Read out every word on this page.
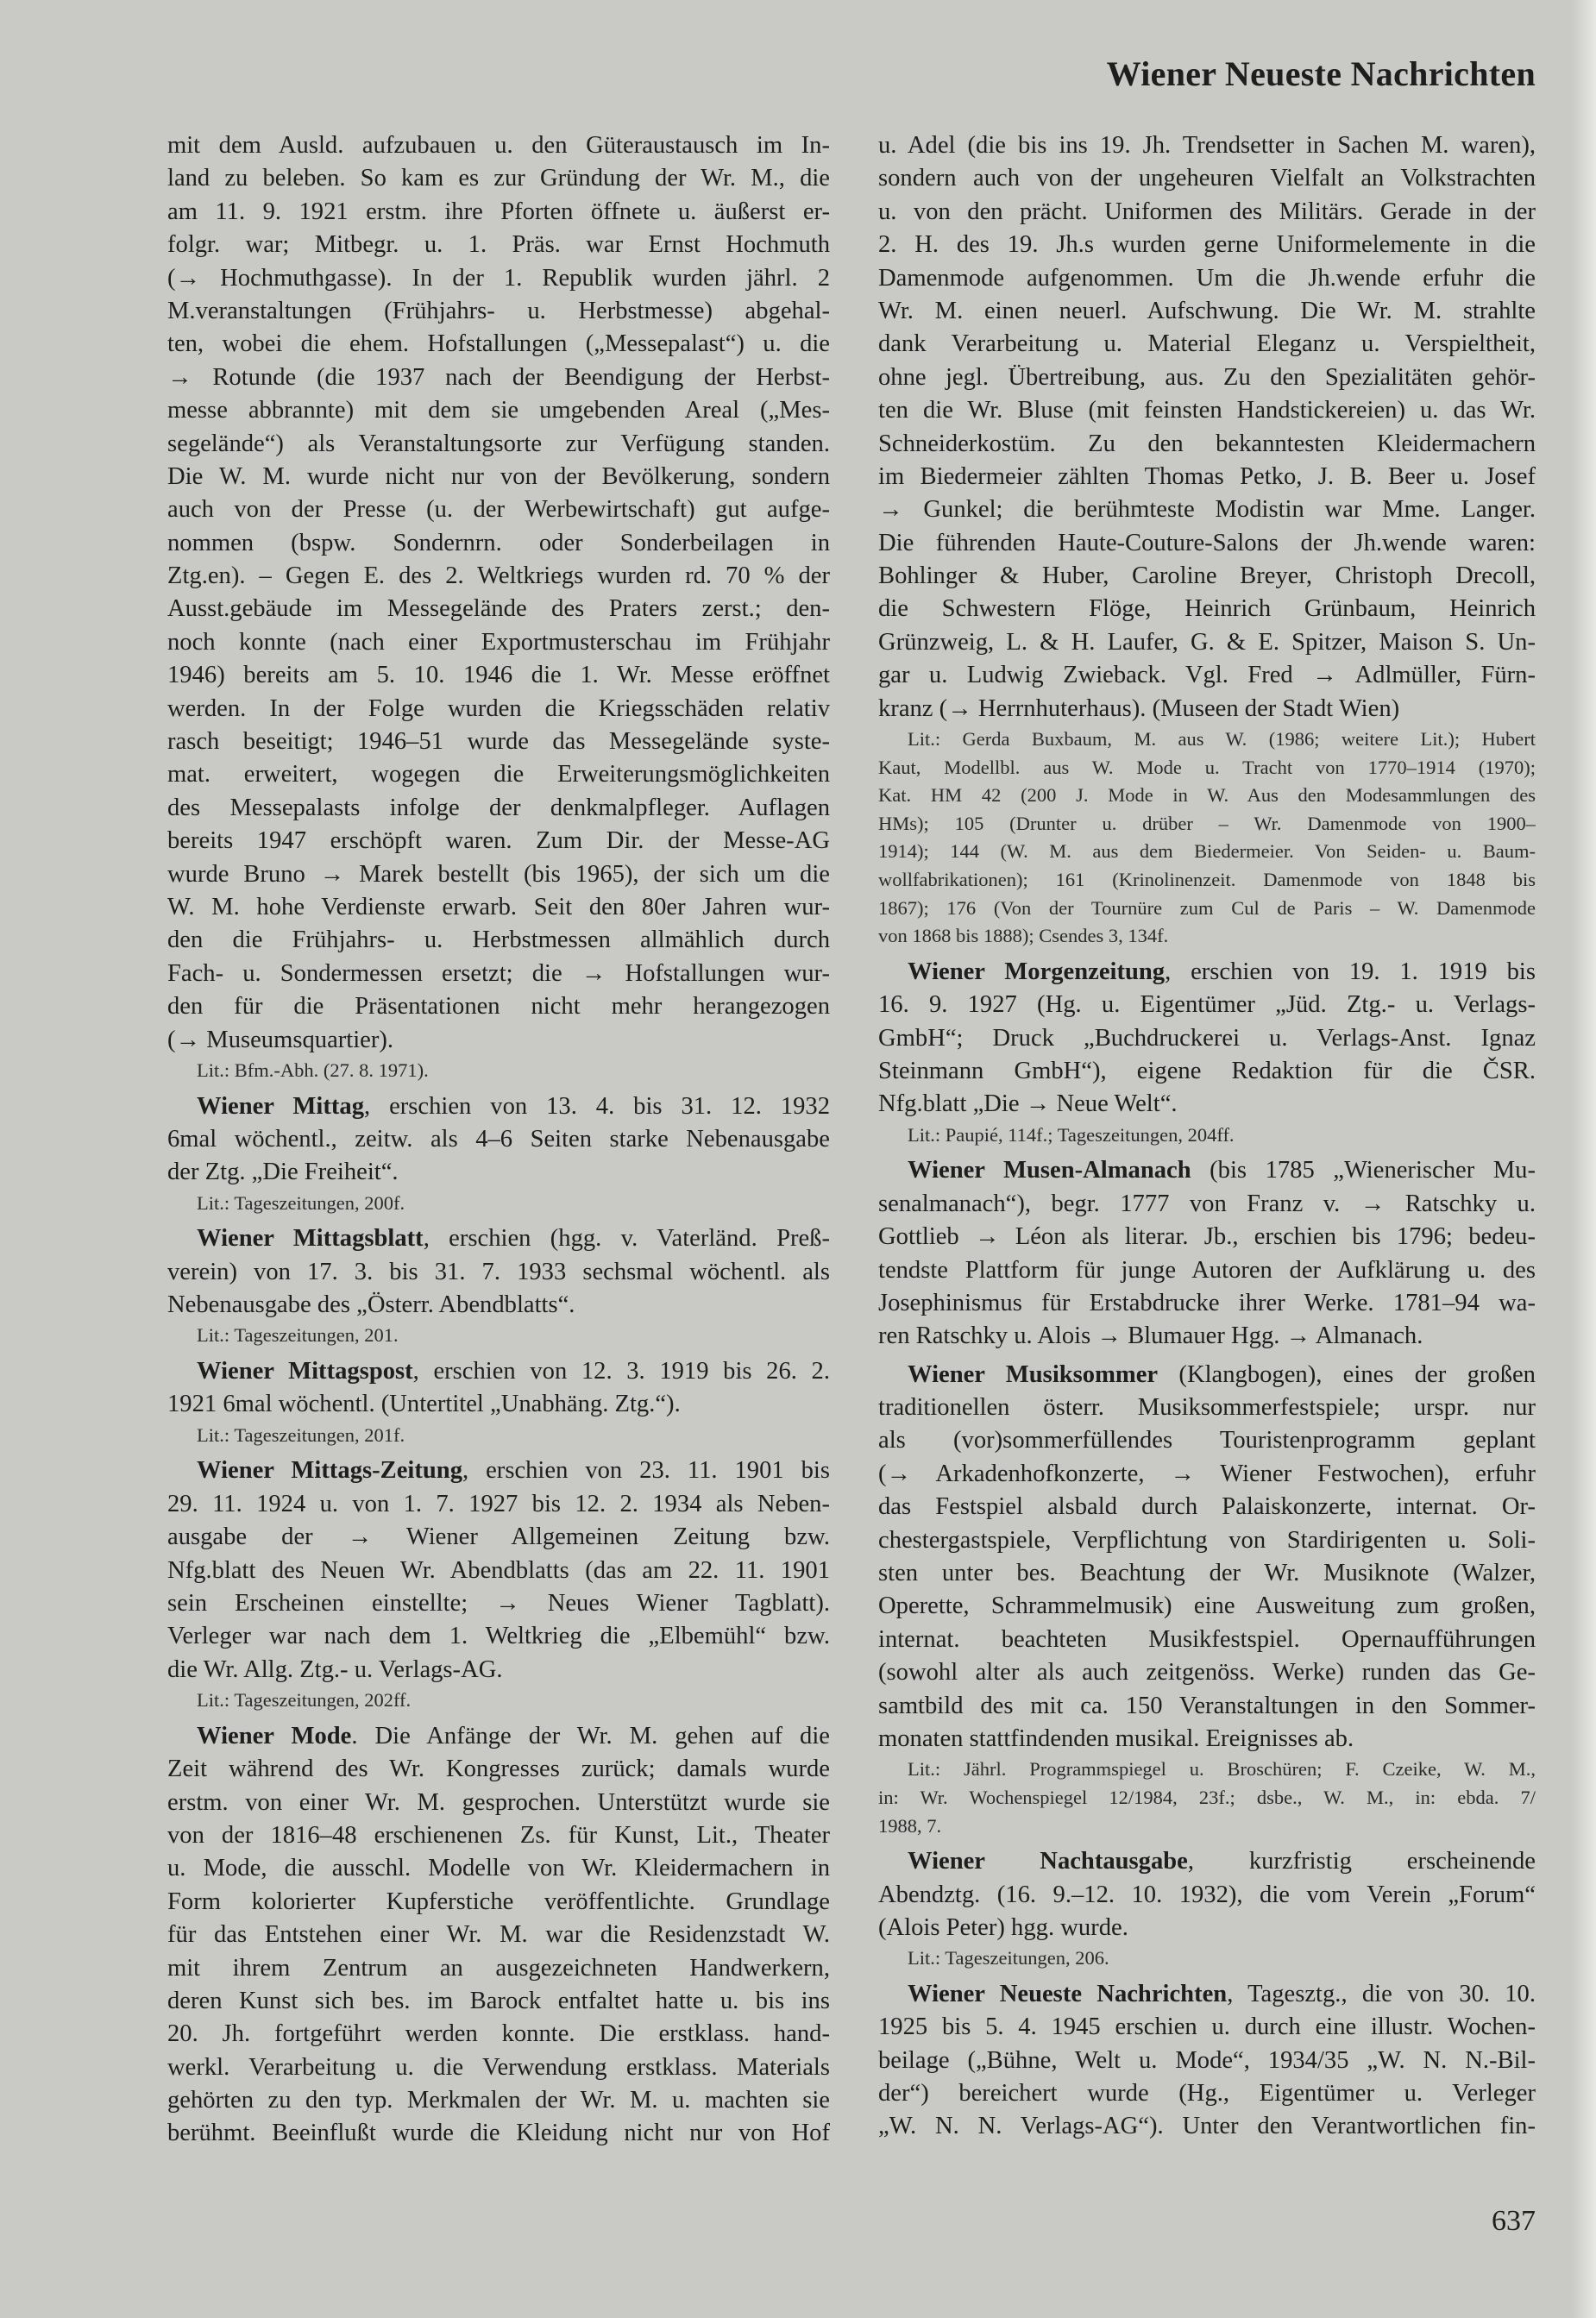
Wiener Neueste Nachrichten
mit dem Ausld. aufzubauen u. den Güteraustausch im In-
land zu beleben. So kam es zur Gründung der Wr. M., die
am 11. 9. 1921 erstm. ihre Pforten öffnete u. äußerst er-
folgr. war; Mitbegr. u. 1. Präs. war Ernst Hochmuth
(→ Hochmuthgasse). In der 1. Republik wurden jährl. 2
M.veranstaltungen (Frühjahrs- u. Herbstmesse) abgehal-
ten, wobei die ehem. Hofstallungen („Messepalast“) u. die
→ Rotunde (die 1937 nach der Beendigung der Herbst-
messe abbrannte) mit dem sie umgebenden Areal („Mes-
segelände“) als Veranstaltungsorte zur Verfügung standen.
Die W. M. wurde nicht nur von der Bevölkerung, sondern
auch von der Presse (u. der Werbewirtschaft) gut aufge-
nommen (bspw. Sondernrn. oder Sonderbeilagen in
Ztg.en). – Gegen E. des 2. Weltkriegs wurden rd. 70 % der
Ausst.gebäude im Messegelände des Praters zerst.; den-
noch konnte (nach einer Exportmusterschau im Frühjahr
1946) bereits am 5. 10. 1946 die 1. Wr. Messe eröffnet
werden. In der Folge wurden die Kriegsschäden relativ
rasch beseitigt; 1946–51 wurde das Messegelände syste-
mat. erweitert, wogegen die Erweiterungsmöglichkeiten
des Messepalasts infolge der denkmalpfleger. Auflagen
bereits 1947 erschöpft waren. Zum Dir. der Messe-AG
wurde Bruno → Marek bestellt (bis 1965), der sich um die
W. M. hohe Verdienste erwarb. Seit den 80er Jahren wur-
den die Frühjahrs- u. Herbstmessen allmählich durch
Fach- u. Sondermessen ersetzt; die → Hofstallungen wur-
den für die Präsentationen nicht mehr herangezogen
(→ Museumsquartier).
Lit.: Bfm.-Abh. (27. 8. 1971).
Wiener Mittag, erschien von 13. 4. bis 31. 12. 1932
6mal wöchentl., zeitw. als 4–6 Seiten starke Nebenausgabe
der Ztg. „Die Freiheit“.
Lit.: Tageszeitungen, 200f.
Wiener Mittagsblatt, erschien (hgg. v. Vaterländ. Preß-
verein) von 17. 3. bis 31. 7. 1933 sechsmal wöchentl. als
Nebenausgabe des „Österr. Abendblatts“.
Lit.: Tageszeitungen, 201.
Wiener Mittagspost, erschien von 12. 3. 1919 bis 26. 2.
1921 6mal wöchentl. (Untertitel „Unabhäng. Ztg.“).
Lit.: Tageszeitungen, 201f.
Wiener Mittags-Zeitung, erschien von 23. 11. 1901 bis
29. 11. 1924 u. von 1. 7. 1927 bis 12. 2. 1934 als Neben-
ausgabe der → Wiener Allgemeinen Zeitung bzw.
Nfg.blatt des Neuen Wr. Abendblatts (das am 22. 11. 1901
sein Erscheinen einstellte; → Neues Wiener Tagblatt).
Verleger war nach dem 1. Weltkrieg die „Elbemühl“ bzw.
die Wr. Allg. Ztg.- u. Verlags-AG.
Lit.: Tageszeitungen, 202ff.
Wiener Mode. Die Anfänge der Wr. M. gehen auf die
Zeit während des Wr. Kongresses zurück; damals wurde
erstm. von einer Wr. M. gesprochen. Unterstützt wurde sie
von der 1816–48 erschienenen Zs. für Kunst, Lit., Theater
u. Mode, die ausschl. Modelle von Wr. Kleidermachern in
Form kolorierter Kupferstiche veröffentlichte. Grundlage
für das Entstehen einer Wr. M. war die Residenzstadt W.
mit ihrem Zentrum an ausgezeichneten Handwerkern,
deren Kunst sich bes. im Barock entfaltet hatte u. bis ins
20. Jh. fortgeführt werden konnte. Die erstklass. hand-
werkl. Verarbeitung u. die Verwendung erstklass. Materials
gehörten zu den typ. Merkmalen der Wr. M. u. machten sie
berühmt. Beeinflußt wurde die Kleidung nicht nur von Hof
u. Adel (die bis ins 19. Jh. Trendsetter in Sachen M. waren),
sondern auch von der ungeheuren Vielfalt an Volkstrachten
u. von den prächt. Uniformen des Militärs. Gerade in der
2. H. des 19. Jh.s wurden gerne Uniformelemente in die
Damenmode aufgenommen. Um die Jh.wende erfuhr die
Wr. M. einen neuerl. Aufschwung. Die Wr. M. strahlte
dank Verarbeitung u. Material Eleganz u. Verspieltheit,
ohne jegl. Übertreibung, aus. Zu den Spezialitäten gehör-
ten die Wr. Bluse (mit feinsten Handstickereien) u. das Wr.
Schneiderkostüm. Zu den bekanntesten Kleidermachern
im Biedermeier zählten Thomas Petko, J. B. Beer u. Josef
→ Gunkel; die berühmteste Modistin war Mme. Langer.
Die führenden Haute-Couture-Salons der Jh.wende waren:
Bohlinger & Huber, Caroline Breyer, Christoph Drecoll,
die Schwestern Flöge, Heinrich Grünbaum, Heinrich
Grünzweig, L. & H. Laufer, G. & E. Spitzer, Maison S. Un-
gar u. Ludwig Zwieback. Vgl. Fred → Adlmüller, Fürn-
kranz (→ Herrnhuterhaus). (Museen der Stadt Wien)
Lit.: Gerda Buxbaum, M. aus W. (1986; weitere Lit.); Hubert
Kaut, Modellbl. aus W. Mode u. Tracht von 1770–1914 (1970);
Kat. HM 42 (200 J. Mode in W. Aus den Modesammlungen des
HMs); 105 (Drunter u. drüber – Wr. Damenmode von 1900–
1914); 144 (W. M. aus dem Biedermeier. Von Seiden- u. Baum-
wollfabrikationen); 161 (Krinolinenzeit. Damenmode von 1848 bis
1867); 176 (Von der Tournüre zum Cul de Paris – W. Damenmode
von 1868 bis 1888); Csendes 3, 134f.
Wiener Morgenzeitung, erschien von 19. 1. 1919 bis
16. 9. 1927 (Hg. u. Eigentümer „Jüd. Ztg.- u. Verlags-
GmbH“; Druck „Buchdruckerei u. Verlags-Anst. Ignaz
Steinmann GmbH“), eigene Redaktion für die ČSR.
Nfg.blatt „Die → Neue Welt“.
Lit.: Paupié, 114f.; Tageszeitungen, 204ff.
Wiener Musen-Almanach (bis 1785 „Wienerischer Mu-
senalmanach“), begr. 1777 von Franz v. → Ratschky u.
Gottlieb → Léon als literar. Jb., erschien bis 1796; bedeu-
tendste Plattform für junge Autoren der Aufklärung u. des
Josephinismus für Erstabdrucke ihrer Werke. 1781–94 wa-
ren Ratschky u. Alois → Blumauer Hgg. → Almanach.
Wiener Musiksommer (Klangbogen), eines der großen
traditionellen österr. Musiksommerfestspiele; urspr. nur
als (vor)sommerfüllendes Touristenprogramm geplant
(→ Arkadenhofkonzerte, → Wiener Festwochen), erfuhr
das Festspiel alsbald durch Palaiskonzerte, internat. Or-
chestergastspiele, Verpflichtung von Stardirigenten u. Soli-
sten unter bes. Beachtung der Wr. Musiknote (Walzer,
Operette, Schrammelmusik) eine Ausweitung zum großen,
internat. beachteten Musikfestspiel. Opernaufführungen
(sowohl alter als auch zeitgenöss. Werke) runden das Ge-
samtbild des mit ca. 150 Veranstaltungen in den Sommer-
monaten stattfindenden musikal. Ereignisses ab.
Lit.: Jährl. Programmspiegel u. Broschüren; F. Czeike, W. M.,
in: Wr. Wochenspiegel 12/1984, 23f.; dsbe., W. M., in: ebda. 7/
1988, 7.
Wiener Nachtausgabe, kurzfristig erscheinende
Abendztg. (16. 9.–12. 10. 1932), die vom Verein „Forum“
(Alois Peter) hgg. wurde.
Lit.: Tageszeitungen, 206.
Wiener Neueste Nachrichten, Tagesztg., die von 30. 10.
1925 bis 5. 4. 1945 erschien u. durch eine illustr. Wochen-
beilage („Bühne, Welt u. Mode“, 1934/35 „W. N. N.-Bil-
der“) bereichert wurde (Hg., Eigentümer u. Verleger
„W. N. N. Verlags-AG“). Unter den Verantwortlichen fin-
637
